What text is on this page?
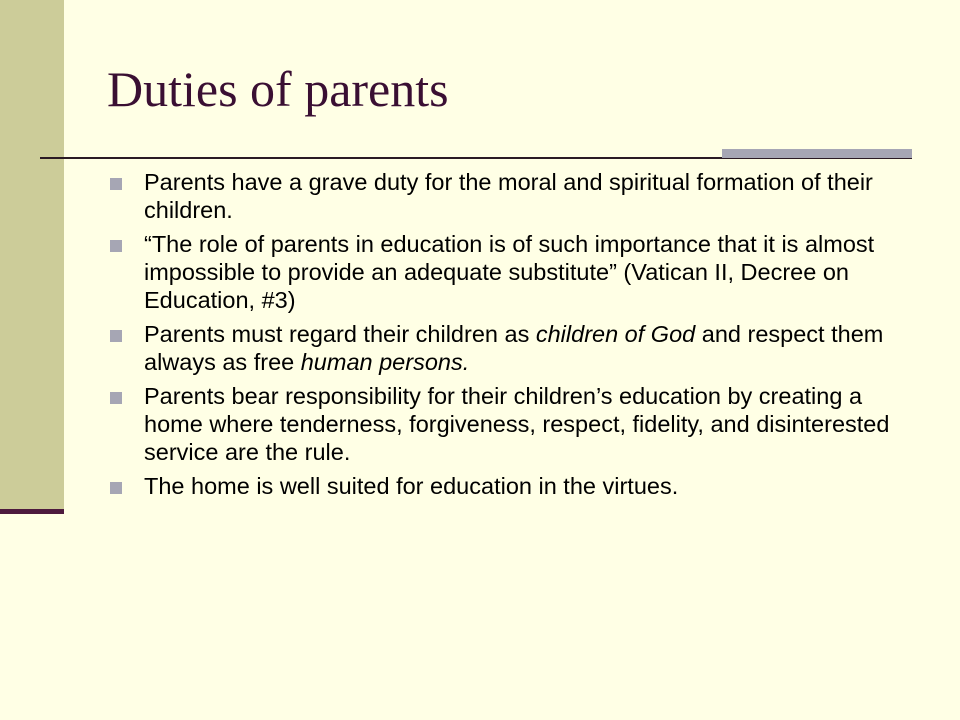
Duties of parents
Parents have a grave duty for the moral and spiritual formation of their children.
“The role of parents in education is of such importance that it is almost impossible to provide an adequate substitute” (Vatican II, Decree on Education, #3)
Parents must regard their children as children of God and respect them always as free human persons.
Parents bear responsibility for their children’s education by creating a home where tenderness, forgiveness, respect, fidelity, and disinterested service are the rule.
The home is well suited for education in the virtues.
